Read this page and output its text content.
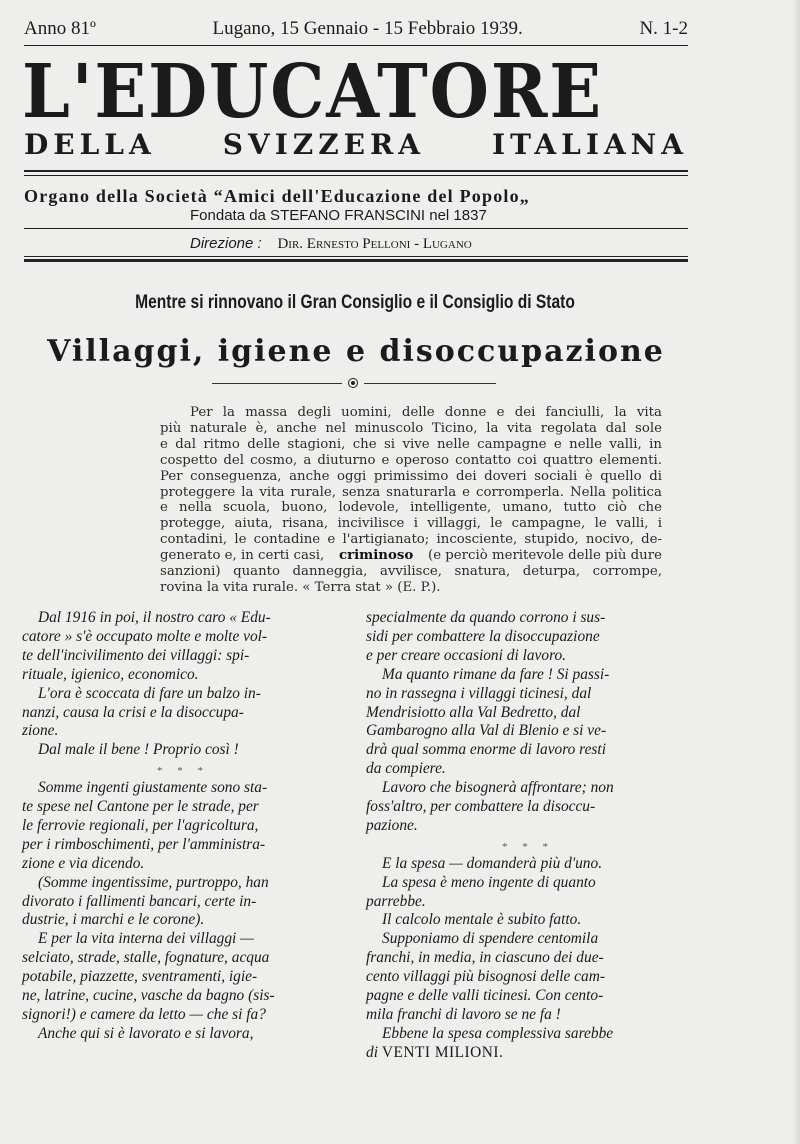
Anno 81º	Lugano, 15 Gennaio - 15 Febbraio 1939.	N. 1-2
L'EDUCATORE
DELLA SVIZZERA ITALIANA
Organo della Società “Amici dell'Educazione del Popolo„
Fondata da STEFANO FRANSCINI nel 1837
Direzione : Dir. Ernesto Pelloni - Lugano
Mentre si rinnovano il Gran Consiglio e il Consiglio di Stato
Villaggi, igiene e disoccupazione
Per la massa degli uomini, delle donne e dei fanciulli, la vita
più naturale è, anche nel minuscolo Ticino, la vita regolata dal sole
e dal ritmo delle stagioni, che si vive nelle campagne e nelle valli, in
cospetto del cosmo, a diuturno e operoso contatto coi quattro elementi.
Per conseguenza, anche oggi primissimo dei doveri sociali è quello di
proteggere la vita rurale, senza snaturarla e corromperla. Nella politica
e nella scuola, buono, lodevole, intelligente, umano, tutto ciò che
protegge, aiuta, risana, incivilisce i villaggi, le campagne, le valli, i
contadini, le contadine e l'artigianato; incosciente, stupido, nocivo, de-
generato e, in certi casi, criminoso (e perciò meritevole delle più dure
sanzioni) quanto danneggia, avvilisce, snatura, deturpa, corrompe,
rovina la vita rurale. « Terra stat » (E. P.).
Dal 1916 in poi, il nostro caro « Edu-
catore » s'è occupato molte e molte vol-
te dell'incivilimento dei villaggi: spi-
rituale, igienico, economico.
L'ora è scoccata di fare un balzo in-
nanzi, causa la crisi e la disoccupa-
zione.
Dal male il bene ! Proprio così !
* * *
Somme ingenti giustamente sono sta-
te spese nel Cantone per le strade, per
le ferrovie regionali, per l'agricoltura,
per i rimboschimenti, per l'amministra-
zione e via dicendo.
(Somme ingentissime, purtroppo, han
divorato i fallimenti bancari, certe in-
dustrie, i marchi e le corone).
E per la vita interna dei villaggi —
selciato, strade, stalle, fognature, acqua
potabile, piazzette, sventramenti, igie-
ne, latrine, cucine, vasche da bagno (sis-
signori!) e camere da letto — che si fa?
Anche qui si è lavorato e si lavora,
specialmente da quando corrono i sus-
sidi per combattere la disoccupazione
e per creare occasioni di lavoro.
Ma quanto rimane da fare ! Si passi-
no in rassegna i villaggi ticinesi, dal
Mendrisiotto alla Val Bedretto, dal
Gambarogno alla Val di Blenio e si ve-
drà qual somma enorme di lavoro resti
da compiere.
Lavoro che bisognerà affrontare; non
foss'altro, per combattere la disoccu-
pazione.
* * *
E la spesa — domanderà più d'uno.
La spesa è meno ingente di quanto
parrebbe.
Il calcolo mentale è subito fatto.
Supponiamo di spendere centomila
franchi, in media, in ciascuno dei due-
cento villaggi più bisognosi delle cam-
pagne e delle valli ticinesi. Con cento-
mila franchi di lavoro se ne fa !
Ebbene la spesa complessiva sarebbe
di VENTI MILIONI.
